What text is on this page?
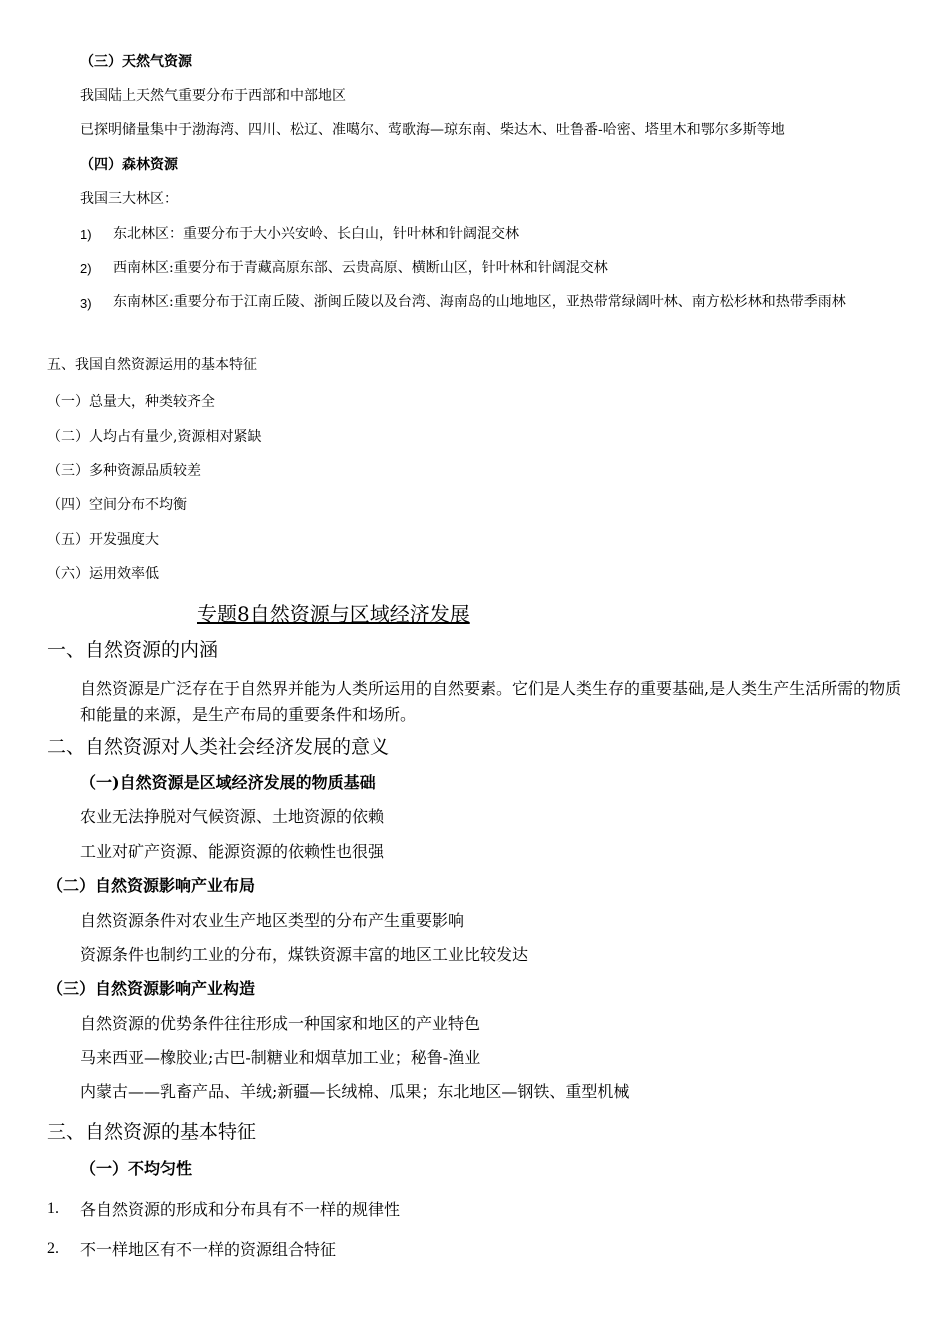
（三）天然气资源
我国陆上天然气重要分布于西部和中部地区
已探明储量集中于渤海湾、四川、松辽、准噶尔、莺歌海—琼东南、柴达木、吐鲁番-哈密、塔里木和鄂尔多斯等地
（四）森林资源
我国三大林区：
1) 东北林区：重要分布于大小兴安岭、长白山，针叶林和针阔混交林
2) 西南林区:重要分布于青藏高原东部、云贵高原、横断山区，针叶林和针阔混交林
3) 东南林区:重要分布于江南丘陵、浙闽丘陵以及台湾、海南岛的山地地区，亚热带常绿阔叶林、南方松杉林和热带季雨林
五、我国自然资源运用的基本特征
（一）总量大，种类较齐全
（二）人均占有量少,资源相对紧缺
（三）多种资源品质较差
（四）空间分布不均衡
（五）开发强度大
（六）运用效率低
专题8自然资源与区域经济发展
一、自然资源的内涵
自然资源是广泛存在于自然界并能为人类所运用的自然要素。它们是人类生存的重要基础,是人类生产生活所需的物质和能量的来源，是生产布局的重要条件和场所。
二、自然资源对人类社会经济发展的意义
（一)自然资源是区域经济发展的物质基础
农业无法挣脱对气候资源、土地资源的依赖
工业对矿产资源、能源资源的依赖性也很强
（二）自然资源影响产业布局
自然资源条件对农业生产地区类型的分布产生重要影响
资源条件也制约工业的分布，煤铁资源丰富的地区工业比较发达
（三）自然资源影响产业构造
自然资源的优势条件往往形成一种国家和地区的产业特色
马来西亚—橡胶业;古巴-制糖业和烟草加工业；秘鲁-渔业
内蒙古——乳畜产品、羊绒;新疆—长绒棉、瓜果；东北地区—钢铁、重型机械
三、自然资源的基本特征
（一）不均匀性
1. 各自然资源的形成和分布具有不一样的规律性
2. 不一样地区有不一样的资源组合特征
